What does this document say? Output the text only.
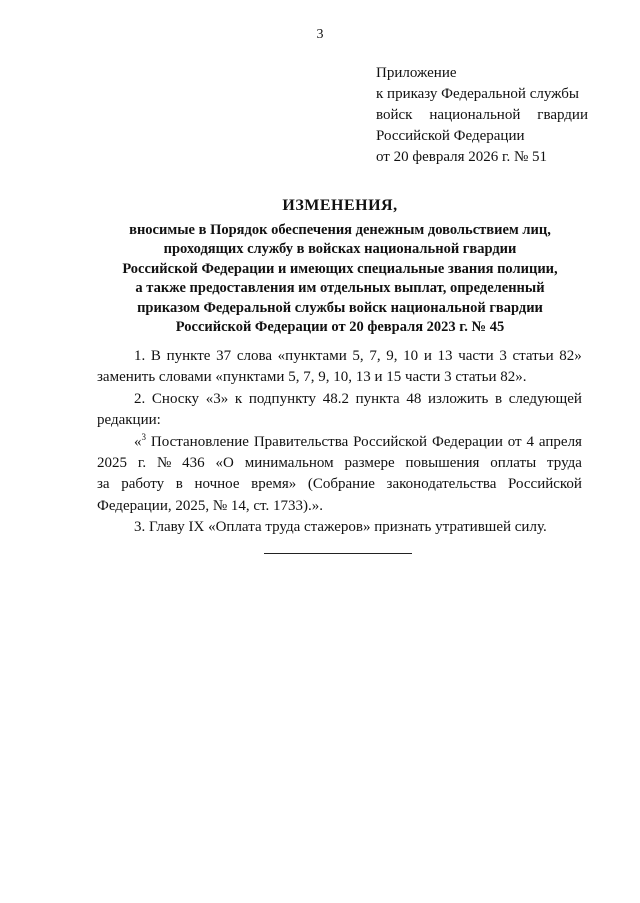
3
Приложение
к приказу Федеральной службы
войск национальной гвардии
Российской Федерации
от 20 февраля 2026 г. № 51
ИЗМЕНЕНИЯ,
вносимые в Порядок обеспечения денежным довольствием лиц,
проходящих службу в войсках национальной гвардии
Российской Федерации и имеющих специальные звания полиции,
а также предоставления им отдельных выплат, определенный
приказом Федеральной службы войск национальной гвардии
Российской Федерации от 20 февраля 2023 г. № 45
1. В пункте 37 слова «пунктами 5, 7, 9, 10 и 13 части 3 статьи 82»
заменить словами «пунктами 5, 7, 9, 10, 13 и 15 части 3 статьи 82».
2. Сноску «3» к подпункту 48.2 пункта 48 изложить в следующей
редакции:
«$^3$ Постановление Правительства Российской Федерации от 4 апреля
2025 г. № 436 «О минимальном размере повышения оплаты труда
за работу в ночное время» (Собрание законодательства Российской
Федерации, 2025, № 14, ст. 1733).».
3. Главу IX «Оплата труда стажеров» признать утратившей силу.
